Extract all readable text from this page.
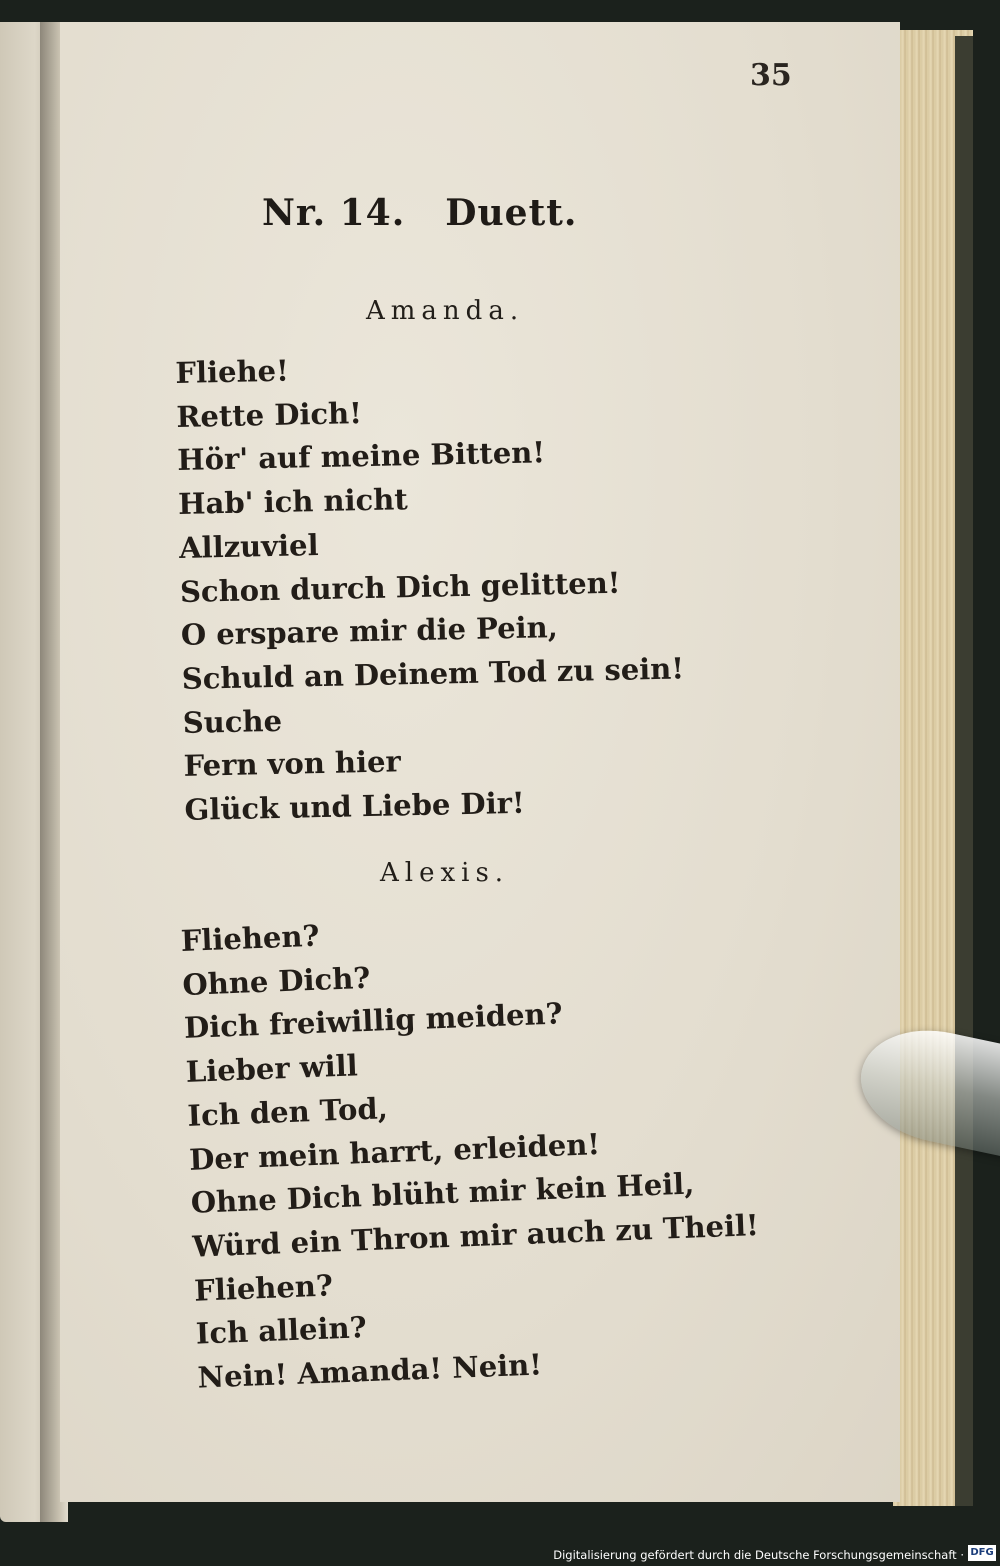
35
Nr. 14. Duett.
Amanda.
Fliehe!
Rette Dich!
Hör' auf meine Bitten!
Hab' ich nicht
Allzuviel
Schon durch Dich gelitten!
O erspare mir die Pein,
Schuld an Deinem Tod zu sein!
Suche
Fern von hier
Glück und Liebe Dir!
Alexis.
Fliehen?
Ohne Dich?
Dich freiwillig meiden?
Lieber will
Ich den Tod,
Der mein harrt, erleiden!
Ohne Dich blüht mir kein Heil,
Würd ein Thron mir auch zu Theil!
Fliehen?
Ich allein?
Nein! Amanda! Nein!
Digitalisierung gefördert durch die Deutsche Forschungsgemeinschaft · DFG
